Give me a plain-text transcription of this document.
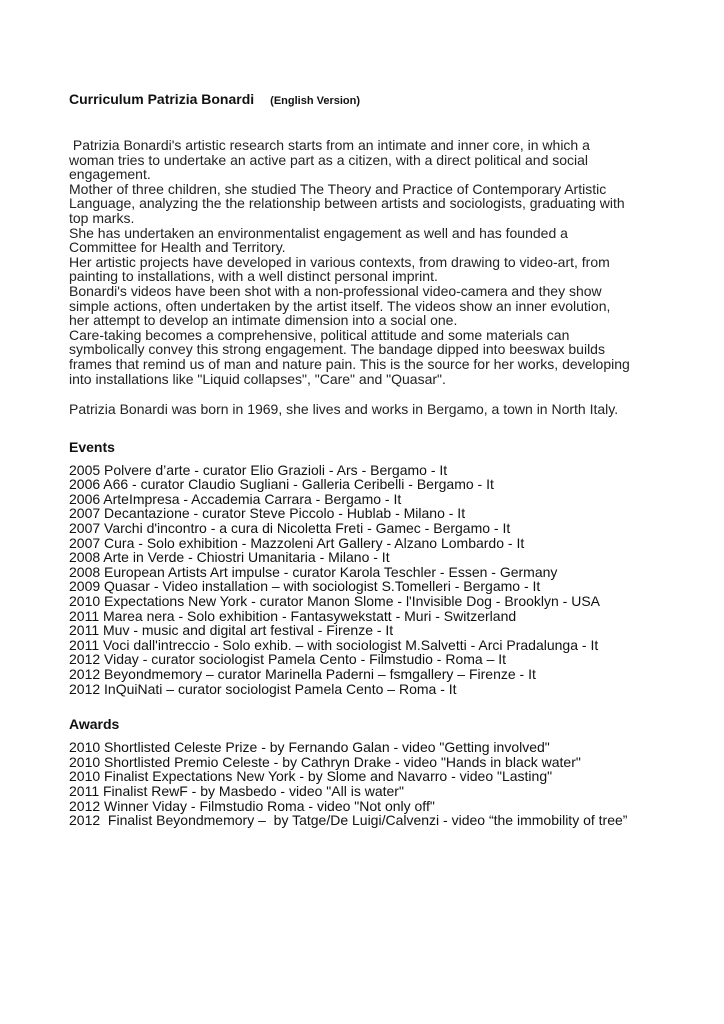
Curriculum Patrizia Bonardi (English Version)

Patrizia Bonardi's artistic research starts from an intimate and inner core, in which a

woman tries to undertake an active part as a citizen, with a direct political and social

engagement.

Mother of three children, she studied The Theory and Practice of Contemporary Artistic

Language, analyzing the the relationship between artists and sociologists, graduating with

top marks.

She has undertaken an environmentalist engagement as well and has founded a

Committee for Health and Territory.

Her artistic projects have developed in various contexts, from drawing to video-art, from

painting to installations, with a well distinct personal imprint.

Bonardi's videos have been shot with a non-professional video-camera and they show

simple actions, often undertaken by the artist itself. The videos show an inner evolution,

her attempt to develop an intimate dimension into a social one.

Care-taking becomes a comprehensive, political attitude and some materials can

symbolically convey this strong engagement. The bandage dipped into beeswax builds

frames that remind us of man and nature pain. This is the source for her works, developing

into installations like "Liquid collapses", "Care" and "Quasar".

Patrizia Bonardi was born in 1969, she lives and works in Bergamo, a town in North Italy.

Events

2005 Polvere d’arte - curator Elio Grazioli - Ars - Bergamo - It

2006 A66 - curator Claudio Sugliani - Galleria Ceribelli - Bergamo - It

2006 ArteImpresa - Accademia Carrara - Bergamo - It

2007 Decantazione - curator Steve Piccolo - Hublab - Milano - It

2007 Varchi d'incontro - a cura di Nicoletta Freti - Gamec - Bergamo - It

2007 Cura - Solo exhibition - Mazzoleni Art Gallery - Alzano Lombardo - It

2008 Arte in Verde - Chiostri Umanitaria - Milano - It

2008 European Artists Art impulse - curator Karola Teschler - Essen - Germany

2009 Quasar - Video installation – with sociologist S.Tomelleri - Bergamo - It

2010 Expectations New York - curator Manon Slome - l'Invisible Dog - Brooklyn - USA

2011 Marea nera - Solo exhibition - Fantasywekstatt - Muri - Switzerland

2011 Muv - music and digital art festival - Firenze - It

2011 Voci dall'intreccio - Solo exhib. – with sociologist M.Salvetti - Arci Pradalunga - It

2012 Viday - curator sociologist Pamela Cento - Filmstudio - Roma – It

2012 Beyondmemory – curator Marinella Paderni – fsmgallery – Firenze - It

2012 InQuiNati – curator sociologist Pamela Cento – Roma - It

Awards

2010 Shortlisted Celeste Prize - by Fernando Galan - video "Getting involved"

2010 Shortlisted Premio Celeste - by Cathryn Drake - video "Hands in black water"

2010 Finalist Expectations New York - by Slome and Navarro - video "Lasting"

2011 Finalist RewF - by Masbedo - video "All is water"

2012 Winner Viday - Filmstudio Roma - video "Not only off"

2012  Finalist Beyondmemory –  by Tatge/De Luigi/Calvenzi - video “the immobility of tree”
